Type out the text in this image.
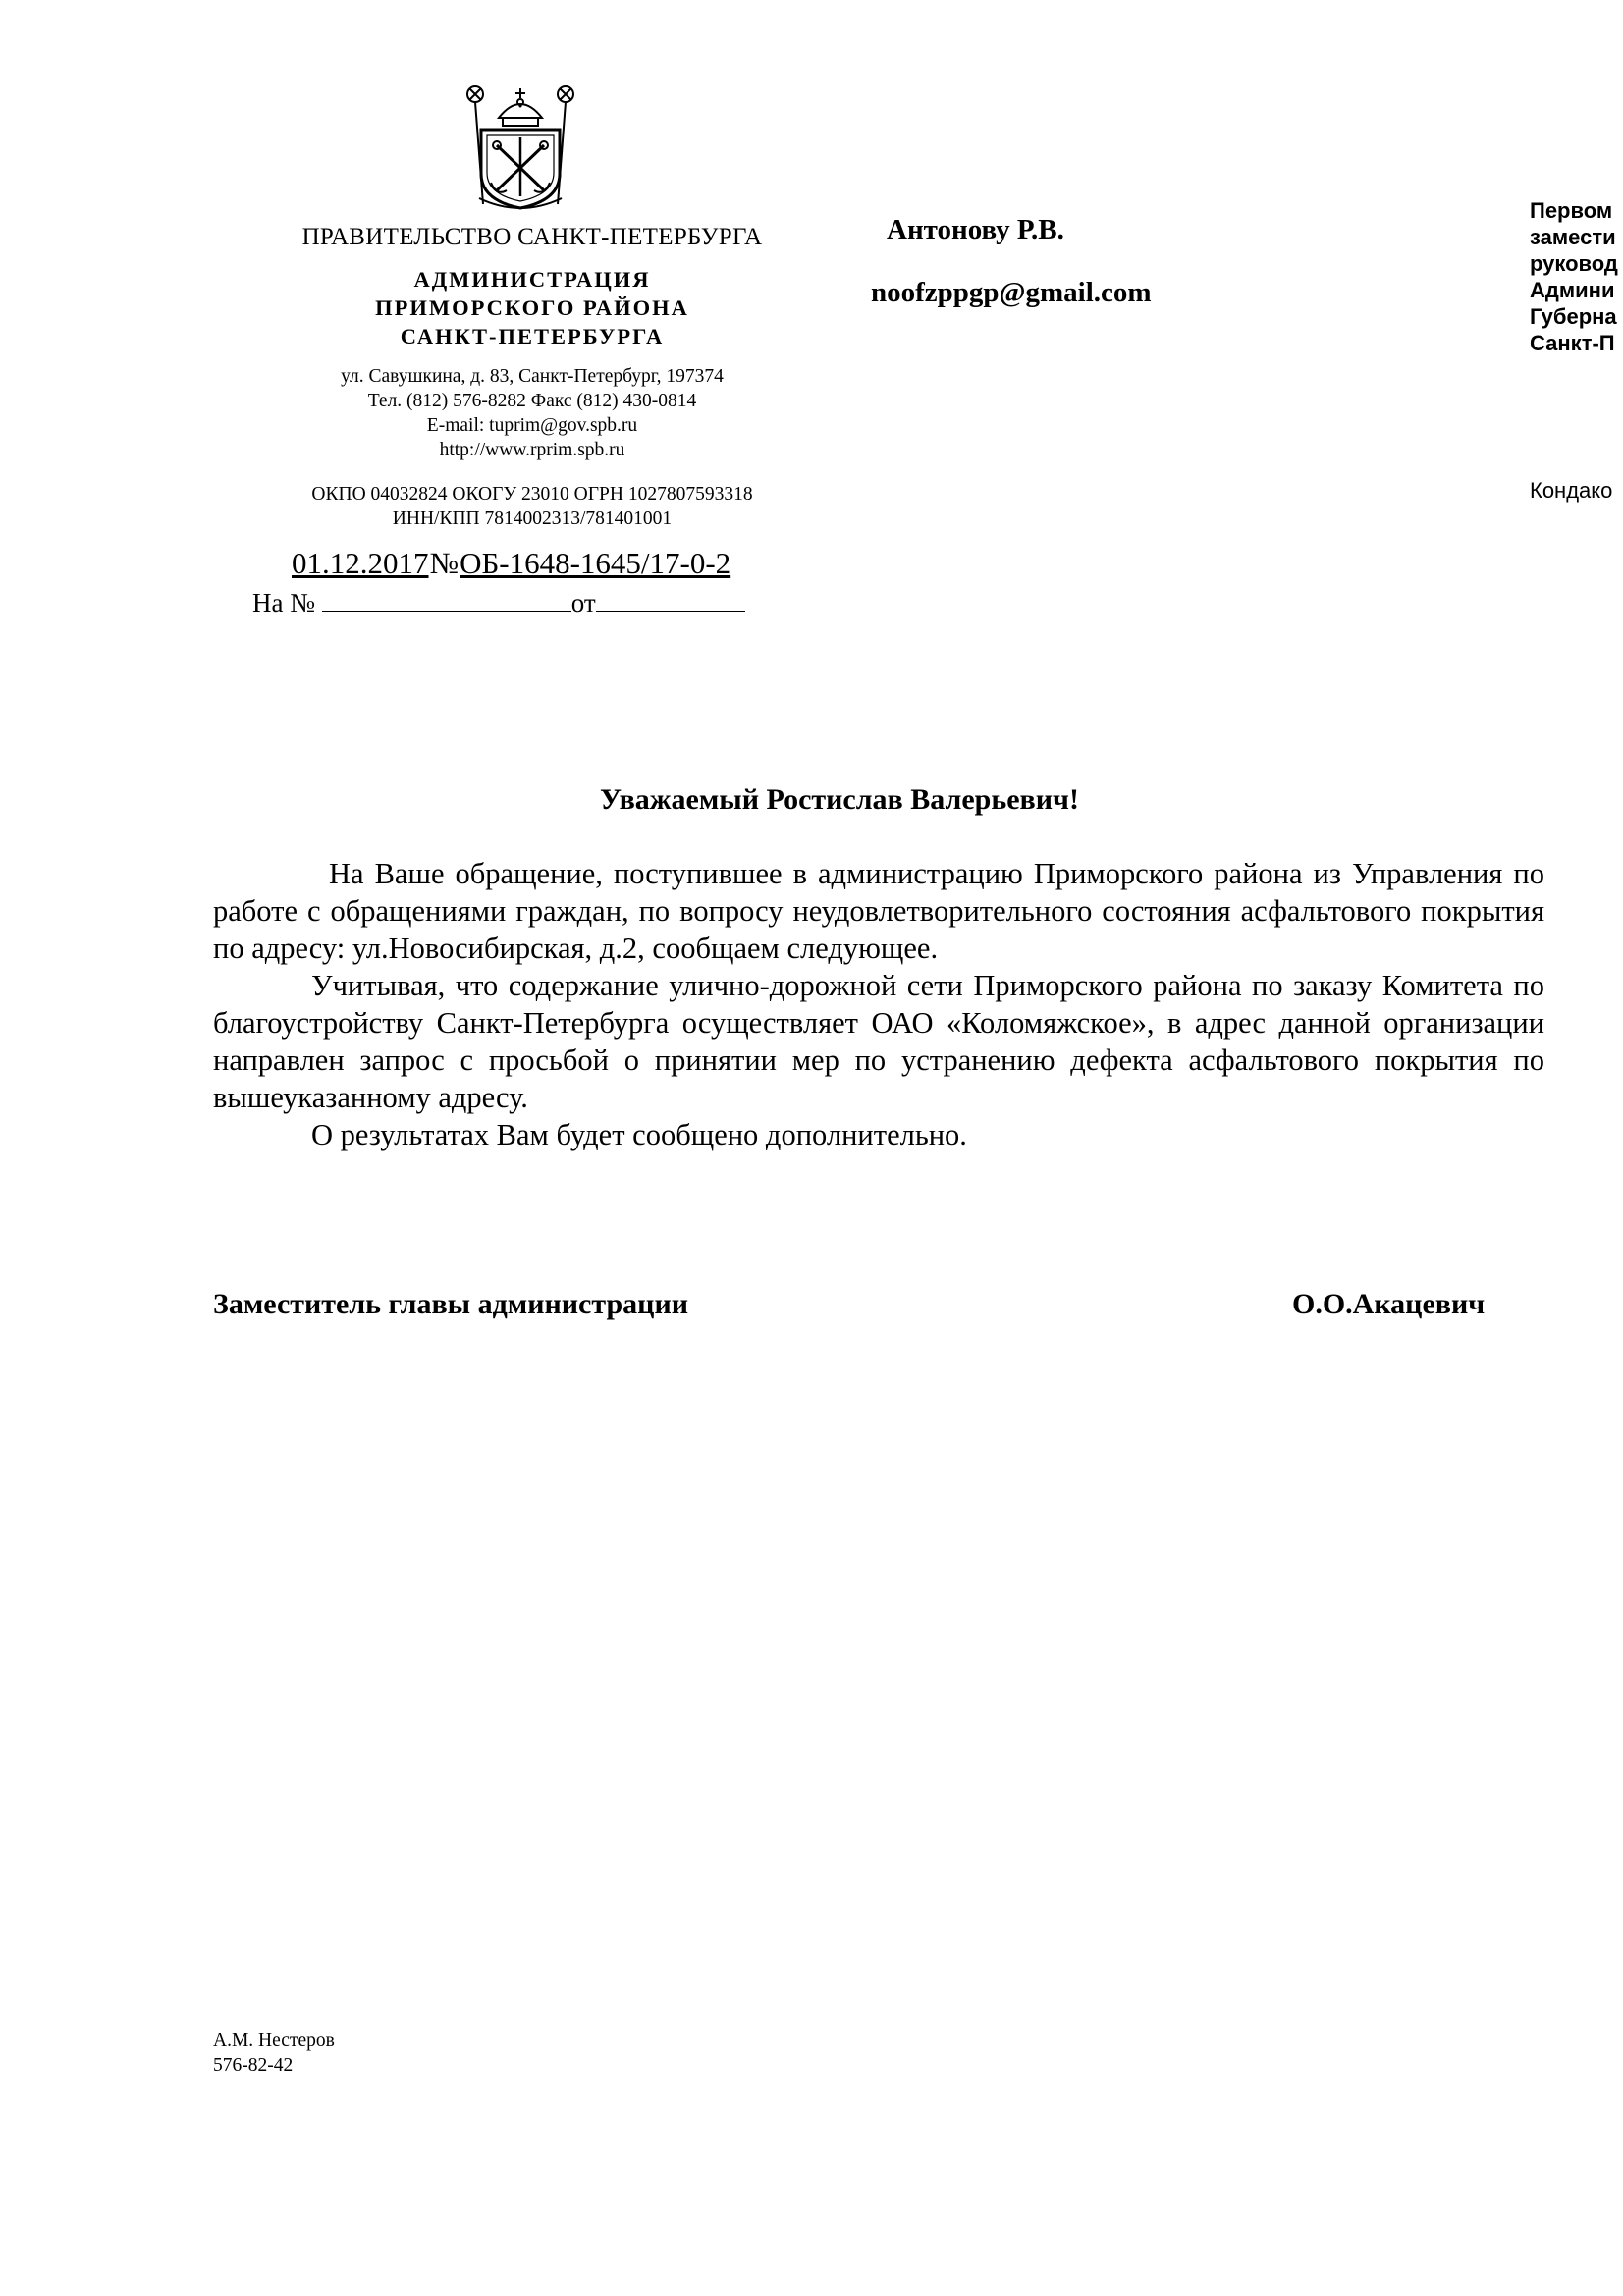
ПРАВИТЕЛЬСТВО САНКТ-ПЕТЕРБУРГА
АДМИНИСТРАЦИЯ
ПРИМОРСКОГО РАЙОНА
САНКТ-ПЕТЕРБУРГА
ул. Савушкина, д. 83, Санкт-Петербург, 197374
Тел. (812) 576-8282 Факс (812) 430-0814
E-mail: tuprim@gov.spb.ru
http://www.rprim.spb.ru
ОКПО 04032824 ОКОГУ 23010 ОГРН 1027807593318
ИНН/КПП 7814002313/781401001
01.12.2017№ОБ-1648-1645/17-0-2
На №	от
Антонову Р.В.
noofzppgp@gmail.com
Первом
замести
руковод
Админи
Губерна
Санкт-П
Кондако
Уважаемый Ростислав Валерьевич!

На Ваше обращение, поступившее в администрацию Приморского района из Управления по работе с обращениями граждан, по вопросу неудовлетворительного состояния асфальтового покрытия по адресу: ул.Новосибирская, д.2, сообщаем следующее.

Учитывая, что содержание улично-дорожной сети Приморского района по заказу Комитета по благоустройству Санкт-Петербурга осуществляет ОАО «Коломяжское», в адрес данной организации направлен запрос с просьбой о принятии мер по устранению дефекта асфальтового покрытия по вышеуказанному адресу.

О результатах Вам будет сообщено дополнительно.

Заместитель главы администрации	О.О.Акацевич
А.М. Нестеров
576-82-42
